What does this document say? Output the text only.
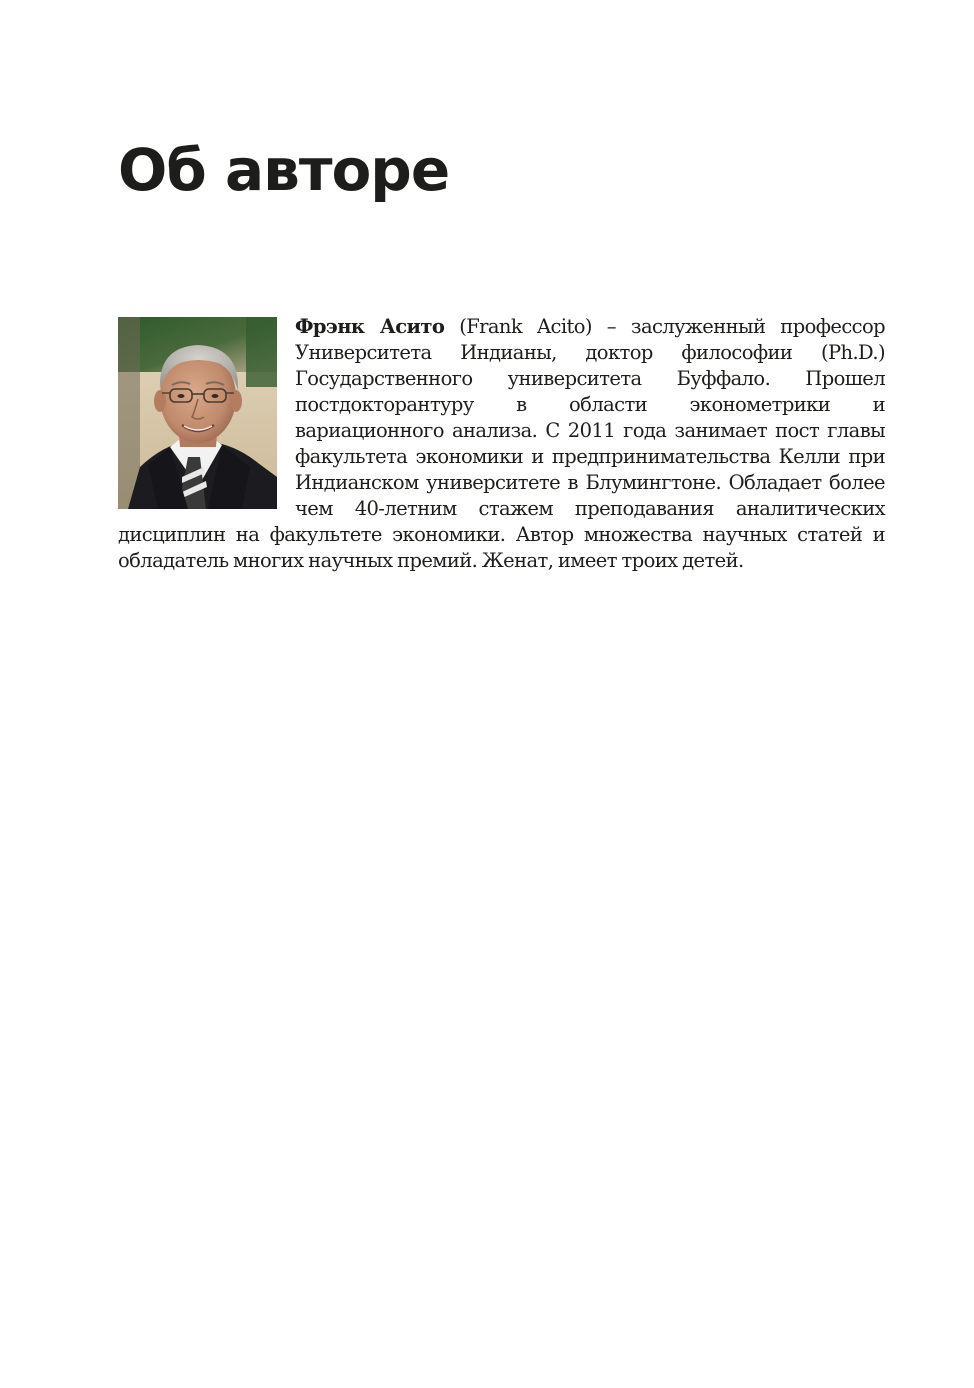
Об авторе

Фрэнк Асито (Frank Acito) – заслуженный профессор Университета Индианы, доктор философии (Ph.D.) Государственного университета Буффало. Прошел постдокторантуру в области эконометрики и вариационного анализа. С 2011 года занимает пост главы факультета экономики и предпринимательства Келли при Индианском университете в Блумингтоне. Обладает более чем 40-летним стажем преподавания аналитических дисциплин на факультете экономики. Автор множества научных статей и обладатель многих научных премий. Женат, имеет троих детей.
